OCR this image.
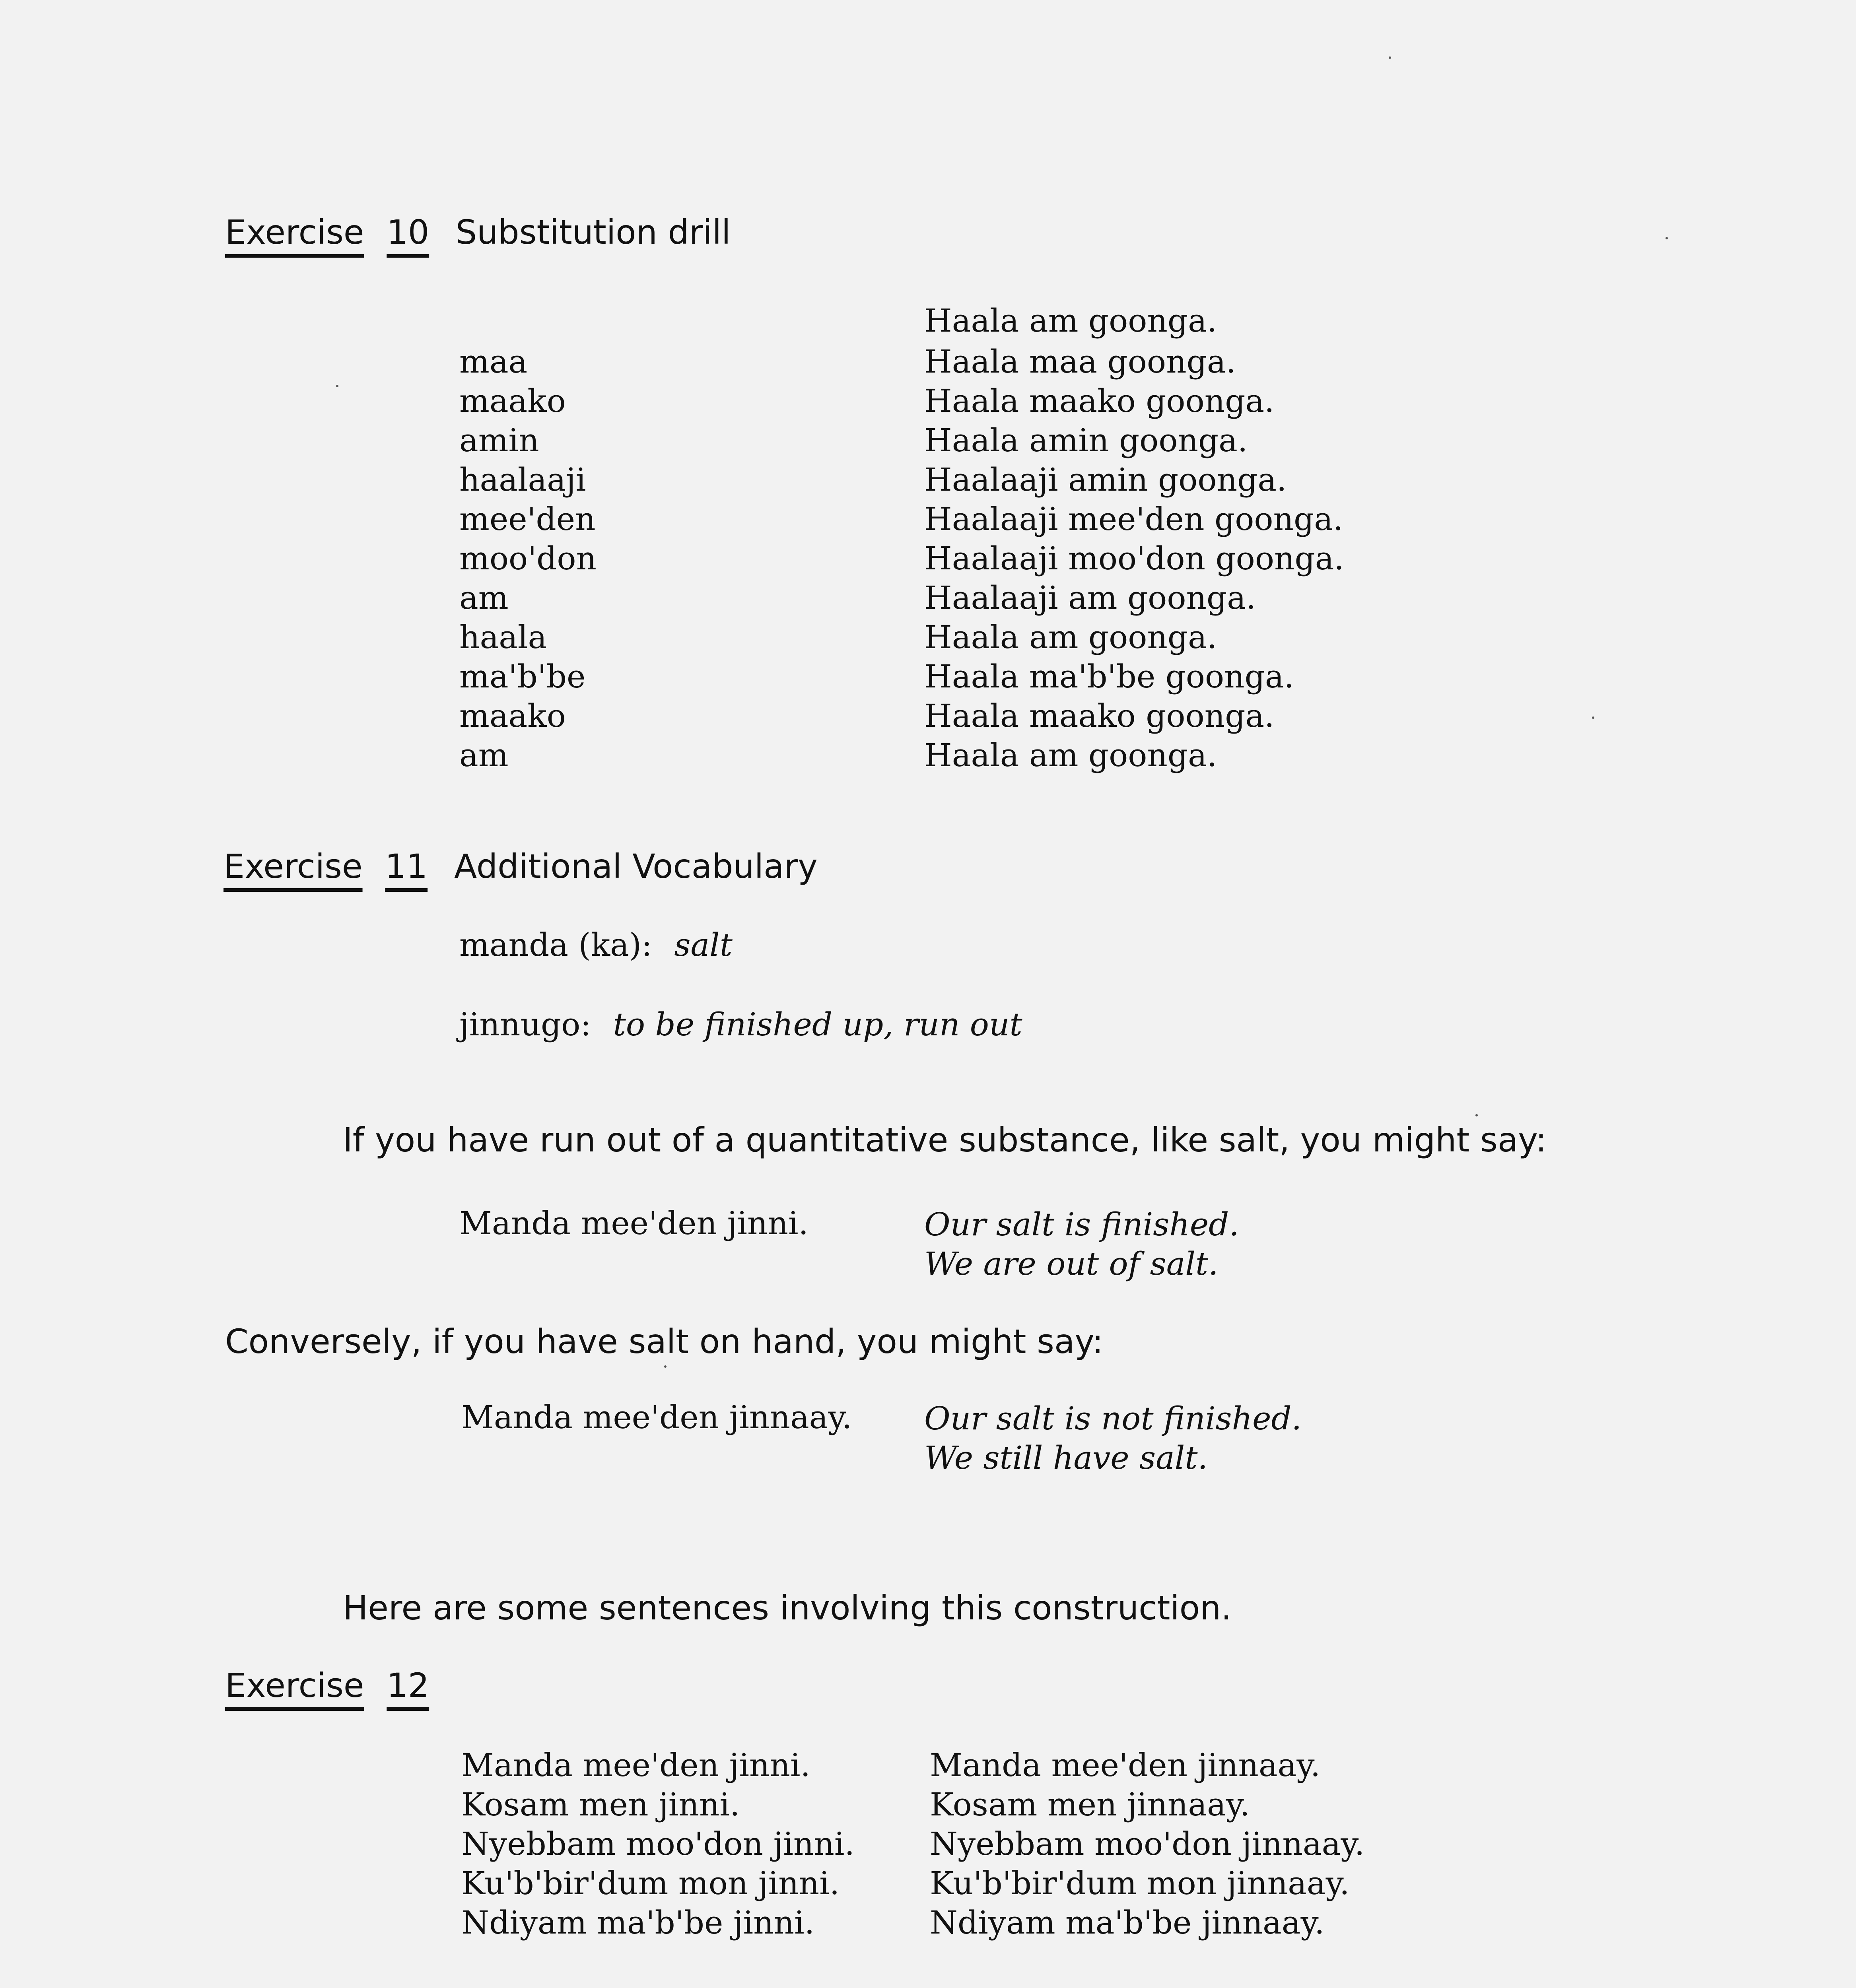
Exercise 10 Substitution drill
Haala am goonga.
maa
maako
amin
haalaaji
mee'den
moo'don
am
haala
ma'b'be
maako
am
Haala maa goonga.
Haala maako goonga.
Haala amin goonga.
Haalaaji amin goonga.
Haalaaji mee'den goonga.
Haalaaji moo'don goonga.
Haalaaji am goonga.
Haala am goonga.
Haala ma'b'be goonga.
Haala maako goonga.
Haala am goonga.
Exercise 11 Additional Vocabulary
manda (ka): salt
jinnugo: to be finished up, run out
If you have run out of a quantitative substance, like salt, you might say:
Manda mee'den jinni.	Our salt is finished.
We are out of salt.
Conversely, if you have salt on hand, you might say:
Manda mee'den jinnaay. Our salt is not finished.
We still have salt.
Here are some sentences involving this construction.
Exercise 12
Manda mee'den jinni.
Kosam men jinni.
Nyebbam moo'don jinni.
Ku'b'bir'dum mon jinni.
Ndiyam ma'b'be jinni.
Manda mee'den jinnaay.
Kosam men jinnaay.
Nyebbam moo'don jinnaay.
Ku'b'bir'dum mon jinnaay.
Ndiyam ma'b'be jinnaay.
